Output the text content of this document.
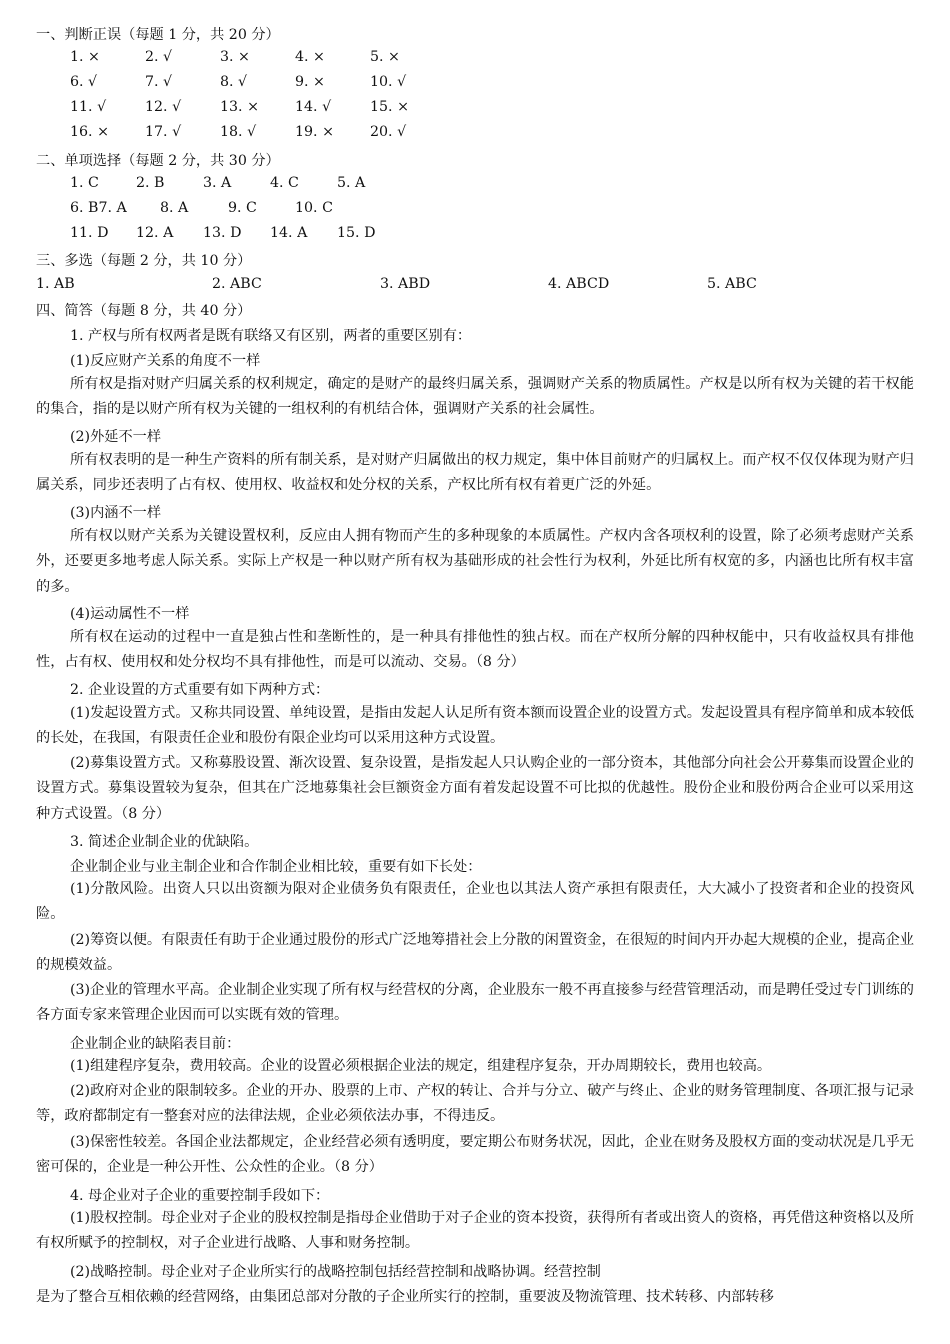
一、判断正误（每题 1 分，共 20 分）
1. ×	2. √	3. ×	4. ×	5. ×
6. √	7. √	8. √	9. ×	10. √
11. √	12. √	13. ×	14. √	15. ×
16. ×	17. √	18. √	19. ×	20. √
二、单项选择（每题 2 分，共 30 分）
1. C	2. B	3. A	4. C	5. A
6. B7. A 8. A	9. C	10. C
11. D 12. A 13. D 14. A 15. D
三、多选（每题 2 分，共 10 分）
1. AB	2. ABC	3. ABD	4. ABCD	5. ABC
四、简答（每题 8 分，共 40 分）
1. 产权与所有权两者是既有联络又有区别，两者的重要区别有：
(1)反应财产关系的角度不一样
所有权是指对财产归属关系的权利规定，确定的是财产的最终归属关系，强调财产关系的物质属性。产权是以所有权为关键的若干权能的集合，指的是以财产所有权为关键的一组权利的有机结合体，强调财产关系的社会属性。
(2)外延不一样
所有权表明的是一种生产资料的所有制关系，是对财产归属做出的权力规定，集中体目前财产的归属权上。而产权不仅仅体现为财产归属关系，同步还表明了占有权、使用权、收益权和处分权的关系，产权比所有权有着更广泛的外延。
(3)内涵不一样
所有权以财产关系为关键设置权利，反应由人拥有物而产生的多种现象的本质属性。产权内含各项权利的设置，除了必须考虑财产关系外，还要更多地考虑人际关系。实际上产权是一种以财产所有权为基础形成的社会性行为权利，外延比所有权宽的多，内涵也比所有权丰富的多。
(4)运动属性不一样
所有权在运动的过程中一直是独占性和垄断性的，是一种具有排他性的独占权。而在产权所分解的四种权能中，只有收益权具有排他性，占有权、使用权和处分权均不具有排他性，而是可以流动、交易。（8 分）
2. 企业设置的方式重要有如下两种方式：
(1)发起设置方式。又称共同设置、单纯设置，是指由发起人认足所有资本额而设置企业的设置方式。发起设置具有程序简单和成本较低的长处，在我国，有限责任企业和股份有限企业均可以采用这种方式设置。
(2)募集设置方式。又称募股设置、渐次设置、复杂设置，是指发起人只认购企业的一部分资本，其他部分向社会公开募集而设置企业的设置方式。募集设置较为复杂，但其在广泛地募集社会巨额资金方面有着发起设置不可比拟的优越性。股份企业和股份两合企业可以采用这种方式设置。（8 分）
3. 简述企业制企业的优缺陷。
企业制企业与业主制企业和合作制企业相比较，重要有如下长处：
(1)分散风险。出资人只以出资额为限对企业债务负有限责任，企业也以其法人资产承担有限责任，大大减小了投资者和企业的投资风险。
(2)筹资以便。有限责任有助于企业通过股份的形式广泛地筹措社会上分散的闲置资金，在很短的时间内开办起大规模的企业，提高企业的规模效益。
(3)企业的管理水平高。企业制企业实现了所有权与经营权的分离，企业股东一般不再直接参与经营管理活动，而是聘任受过专门训练的各方面专家来管理企业因而可以实既有效的管理。
企业制企业的缺陷表目前：
(1)组建程序复杂，费用较高。企业的设置必须根据企业法的规定，组建程序复杂，开办周期较长，费用也较高。
(2)政府对企业的限制较多。企业的开办、股票的上市、产权的转让、合并与分立、破产与终止、企业的财务管理制度、各项汇报与记录等，政府都制定有一整套对应的法律法规，企业必须依法办事，不得违反。
(3)保密性较差。各国企业法都规定，企业经营必须有透明度，要定期公布财务状况，因此，企业在财务及股权方面的变动状况是几乎无密可保的，企业是一种公开性、公众性的企业。（8 分）
4. 母企业对子企业的重要控制手段如下：
(1)股权控制。母企业对子企业的股权控制是指母企业借助于对子企业的资本投资，获得所有者或出资人的资格，再凭借这种资格以及所有权所赋予的控制权，对子企业进行战略、人事和财务控制。
(2)战略控制。母企业对子企业所实行的战略控制包括经营控制和战略协调。经营控制
是为了整合互相依赖的经营网络，由集团总部对分散的子企业所实行的控制，重要波及物流管理、技术转移、内部转移
